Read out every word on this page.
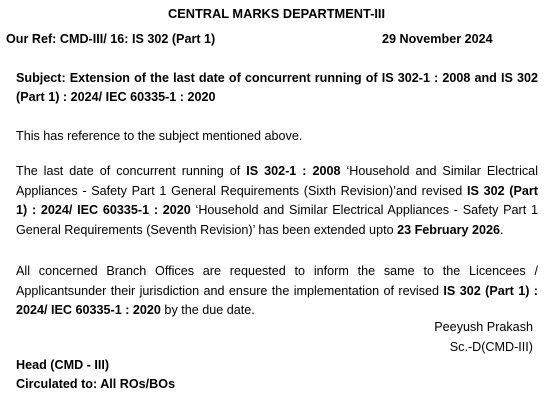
CENTRAL MARKS DEPARTMENT-III
Our Ref: CMD-III/ 16: IS 302 (Part 1)	29 November 2024
Subject: Extension of the last date of concurrent running of IS 302-1 : 2008 and IS 302 (Part 1) : 2024/ IEC 60335-1 : 2020
This has reference to the subject mentioned above.
The last date of concurrent running of IS 302-1 : 2008 ‘Household and Similar Electrical Appliances - Safety Part 1 General Requirements (Sixth Revision)’and revised IS 302 (Part 1) : 2024/ IEC 60335-1 : 2020 ‘Household and Similar Electrical Appliances - Safety Part 1 General Requirements (Seventh Revision)’ has been extended upto 23 February 2026.
All concerned Branch Offices are requested to inform the same to the Licencees / Applicantsunder their jurisdiction and ensure the implementation of revised IS 302 (Part 1) : 2024/ IEC 60335-1 : 2020 by the due date.
Peeyush Prakash
Sc.-D(CMD-III)
Head (CMD - III)
Circulated to: All ROs/BOs
